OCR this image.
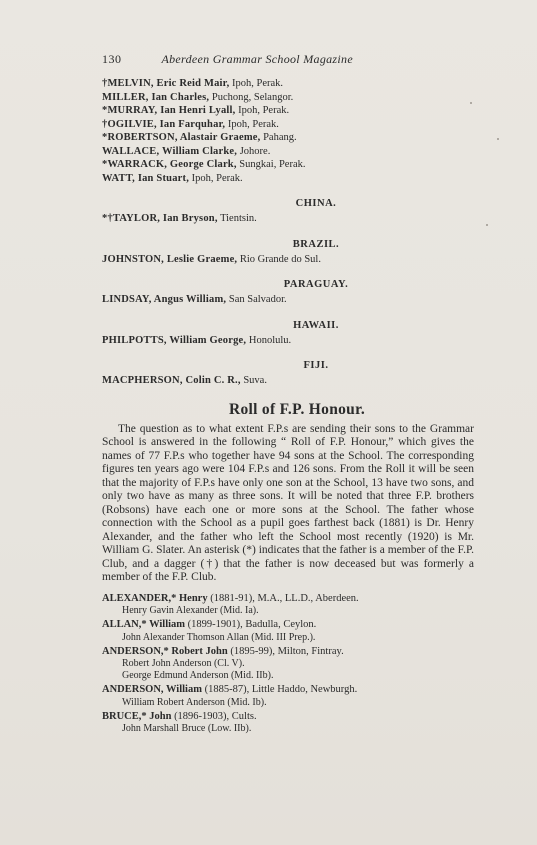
130	Aberdeen Grammar School Magazine

†MELVIN, Eric Reid Mair, Ipoh, Perak.

MILLER, Ian Charles, Puchong, Selangor.

*MURRAY, Ian Henri Lyall, Ipoh, Perak.

†OGILVIE, Ian Farquhar, Ipoh, Perak.

*ROBERTSON, Alastair Graeme, Pahang.

WALLACE, William Clarke, Johore.

*WARRACK, George Clark, Sungkai, Perak.

WATT, Ian Stuart, Ipoh, Perak.

CHINA.

*†TAYLOR, Ian Bryson, Tientsin.

BRAZIL.

JOHNSTON, Leslie Graeme, Rio Grande do Sul.

PARAGUAY.

LINDSAY, Angus William, San Salvador.

HAWAII.

PHILPOTTS, William George, Honolulu.

FIJI.

MACPHERSON, Colin C. R., Suva.

Roll of F.P. Honour.

The question as to what extent F.P.s are sending their sons to the Grammar School is answered in the following “ Roll of F.P. Honour,” which gives the names of 77 F.P.s who together have 94 sons at the School. The corresponding figures ten years ago were 104 F.P.s and 126 sons. From the Roll it will be seen that the majority of F.P.s have only one son at the School, 13 have two sons, and only two have as many as three sons. It will be noted that three F.P. brothers (Robsons) have each one or more sons at the School. The father whose connection with the School as a pupil goes farthest back (1881) is Dr. Henry Alexander, and the father who left the School most recently (1920) is Mr. William G. Slater. An asterisk (*) indicates that the father is a member of the F.P. Club, and a dagger (†) that the father is now deceased but was formerly a member of the F.P. Club.

ALEXANDER,* Henry (1881-91), M.A., LL.D., Aberdeen.
Henry Gavin Alexander (Mid. Ia).
ALLAN,* William (1899-1901), Badulla, Ceylon.
John Alexander Thomson Allan (Mid. III Prep.).
ANDERSON,* Robert John (1895-99), Milton, Fintray.
Robert John Anderson (Cl. V).
George Edmund Anderson (Mid. IIb).
ANDERSON, William (1885-87), Little Haddo, Newburgh.
William Robert Anderson (Mid. Ib).
BRUCE,* John (1896-1903), Cults.
John Marshall Bruce (Low. IIb).
